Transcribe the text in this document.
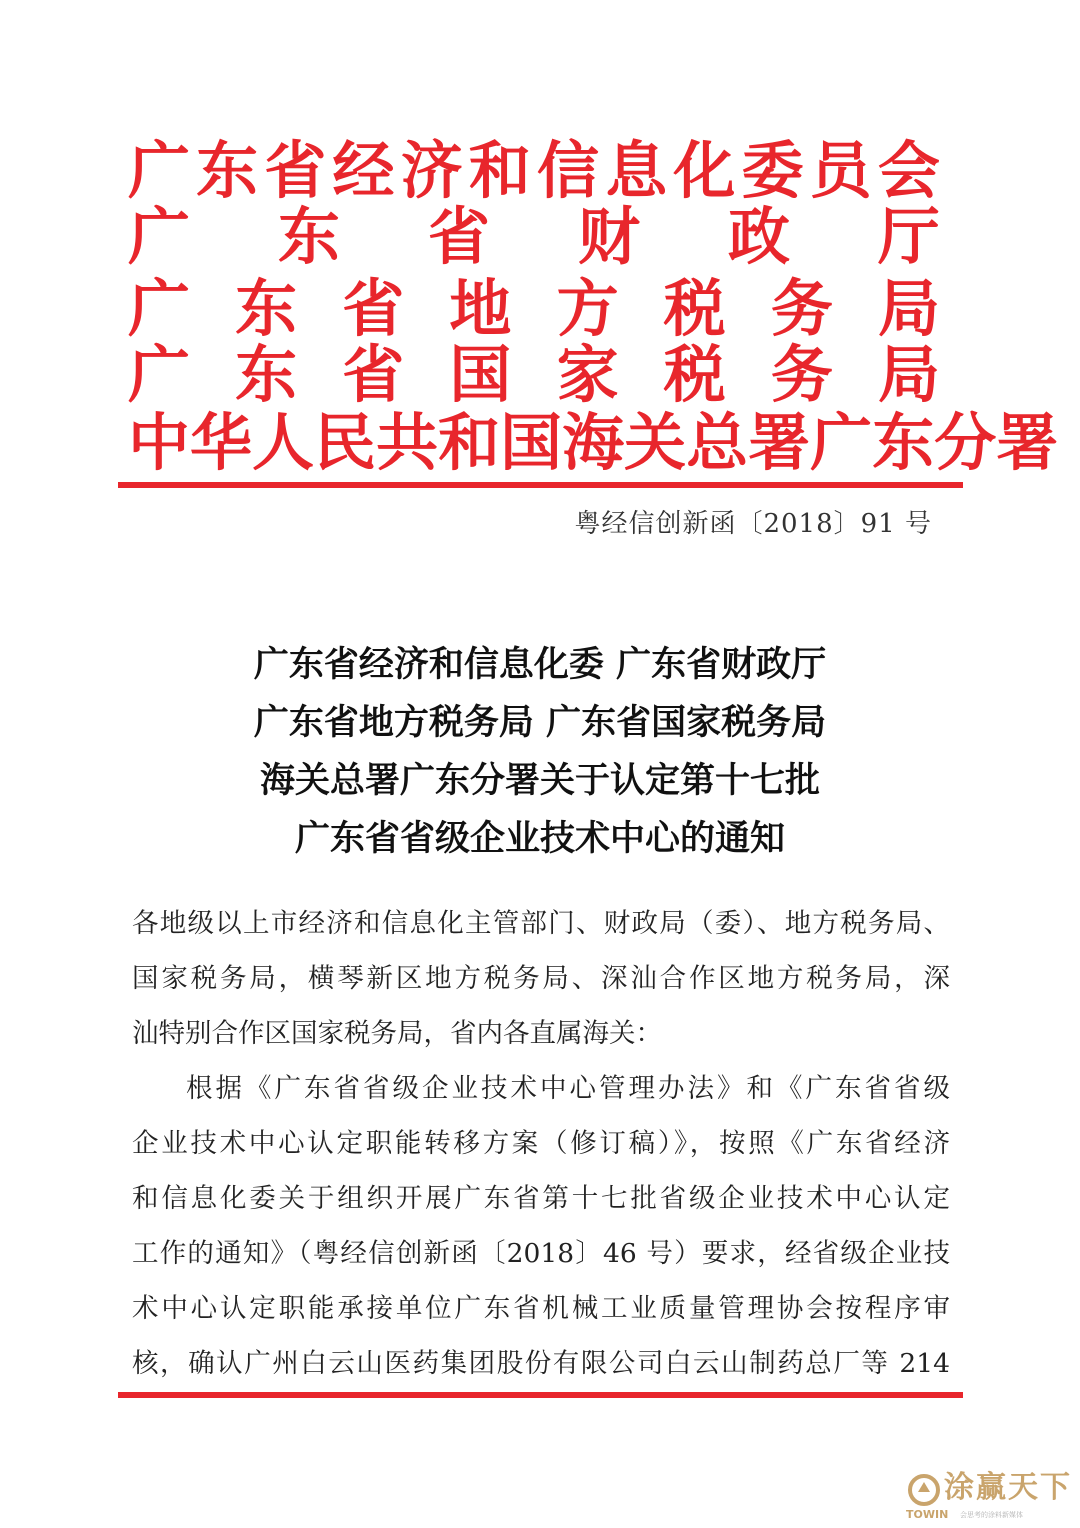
广 东 省 经 济 和 信 息 化 委 员 会
广 东 省 财 政 厅
广 东 省 地 方 税 务 局
广 东 省 国 家 税 务 局
中 华 人 民 共 和 国 海 关 总 署 广 东 分 署
粤经信创新函〔2018〕91 号
广东省经济和信息化委 广东省财政厅
广东省地方税务局 广东省国家税务局
海关总署广东分署关于认定第十七批
广东省省级企业技术中心的通知
各地级以上市经济和信息化主管部门、财政局（委）、地方税务局、
国家税务局，横琴新区地方税务局、深汕合作区地方税务局，深
汕特别合作区国家税务局，省内各直属海关：
根据《广东省省级企业技术中心管理办法》和《广东省省级
企业技术中心认定职能转移方案（修订稿）》，按照《广东省经济
和信息化委关于组织开展广东省第十七批省级企业技术中心认定
工作的通知》（粤经信创新函〔2018〕46 号）要求，经省级企业技
术中心认定职能承接单位广东省机械工业质量管理协会按程序审
核，确认广州白云山医药集团股份有限公司白云山制药总厂等 214
涂赢天下
TOWIN 会思考的涂料新媒体
